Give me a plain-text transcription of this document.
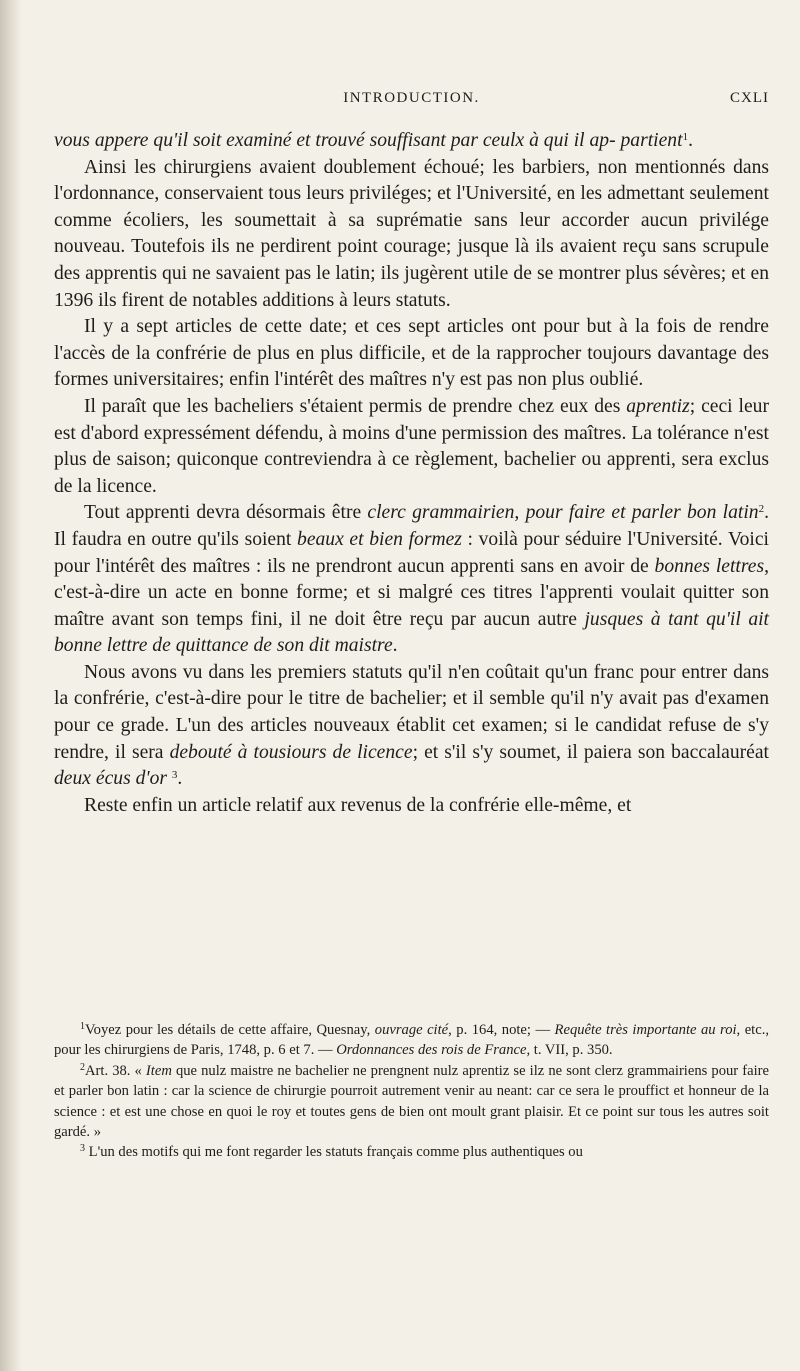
INTRODUCTION.	CXLI

vous appere qu'il soit examiné et trouvé souffisant par ceulx à qui il ap- partient$^1$.

Ainsi les chirurgiens avaient doublement échoué; les barbiers, non mentionnés dans l'ordonnance, conservaient tous leurs priviléges; et l'Université, en les admettant seulement comme écoliers, les soumettait à sa suprématie sans leur accorder aucun privilége nouveau. Toutefois ils ne perdirent point courage; jusque là ils avaient reçu sans scrupule des apprentis qui ne savaient pas le latin; ils jugèrent utile de se montrer plus sévères; et en 1396 ils firent de notables additions à leurs statuts.

Il y a sept articles de cette date; et ces sept articles ont pour but à la fois de rendre l'accès de la confrérie de plus en plus difficile, et de la rapprocher toujours davantage des formes universitaires; enfin l'intérêt des maîtres n'y est pas non plus oublié.

Il paraît que les bacheliers s'étaient permis de prendre chez eux des aprentiz; ceci leur est d'abord expressément défendu, à moins d'une permission des maîtres. La tolérance n'est plus de saison; quiconque contreviendra à ce règlement, bachelier ou apprenti, sera exclus de la licence.

Tout apprenti devra désormais être clerc grammairien, pour faire et parler bon latin$^2$. Il faudra en outre qu'ils soient beaux et bien formez : voilà pour séduire l'Université. Voici pour l'intérêt des maîtres : ils ne prendront aucun apprenti sans en avoir de bonnes lettres, c'est-à-dire un acte en bonne forme; et si malgré ces titres l'apprenti voulait quitter son maître avant son temps fini, il ne doit être reçu par aucun autre jusques à tant qu'il ait bonne lettre de quittance de son dit maistre.

Nous avons vu dans les premiers statuts qu'il n'en coûtait qu'un franc pour entrer dans la confrérie, c'est-à-dire pour le titre de bachelier; et il semble qu'il n'y avait pas d'examen pour ce grade. L'un des articles nouveaux établit cet examen; si le candidat refuse de s'y rendre, il sera debouté à tousiours de licence; et s'il s'y soumet, il paiera son baccalauréat deux écus d'or $^3$.

Reste enfin un article relatif aux revenus de la confrérie elle-même, et

$^1$Voyez pour les détails de cette affaire, Quesnay, ouvrage cité, p. 164, note; — Requête très importante au roi, etc., pour les chirurgiens de Paris, 1748, p. 6 et 7. — Ordonnances des rois de France, t. VII, p. 350.

$^2$Art. 38. « Item que nulz maistre ne bachelier ne prengnent nulz aprentiz se ilz ne sont clerz grammairiens pour faire et parler bon latin : car la science de chirurgie pourroit autrement venir au neant: car ce sera le prouffict et honneur de la science : et est une chose en quoi le roy et toutes gens de bien ont moult grant plaisir. Et ce point sur tous les autres soit gardé. »

$^3$ L'un des motifs qui me font regarder les statuts français comme plus authentiques ou
